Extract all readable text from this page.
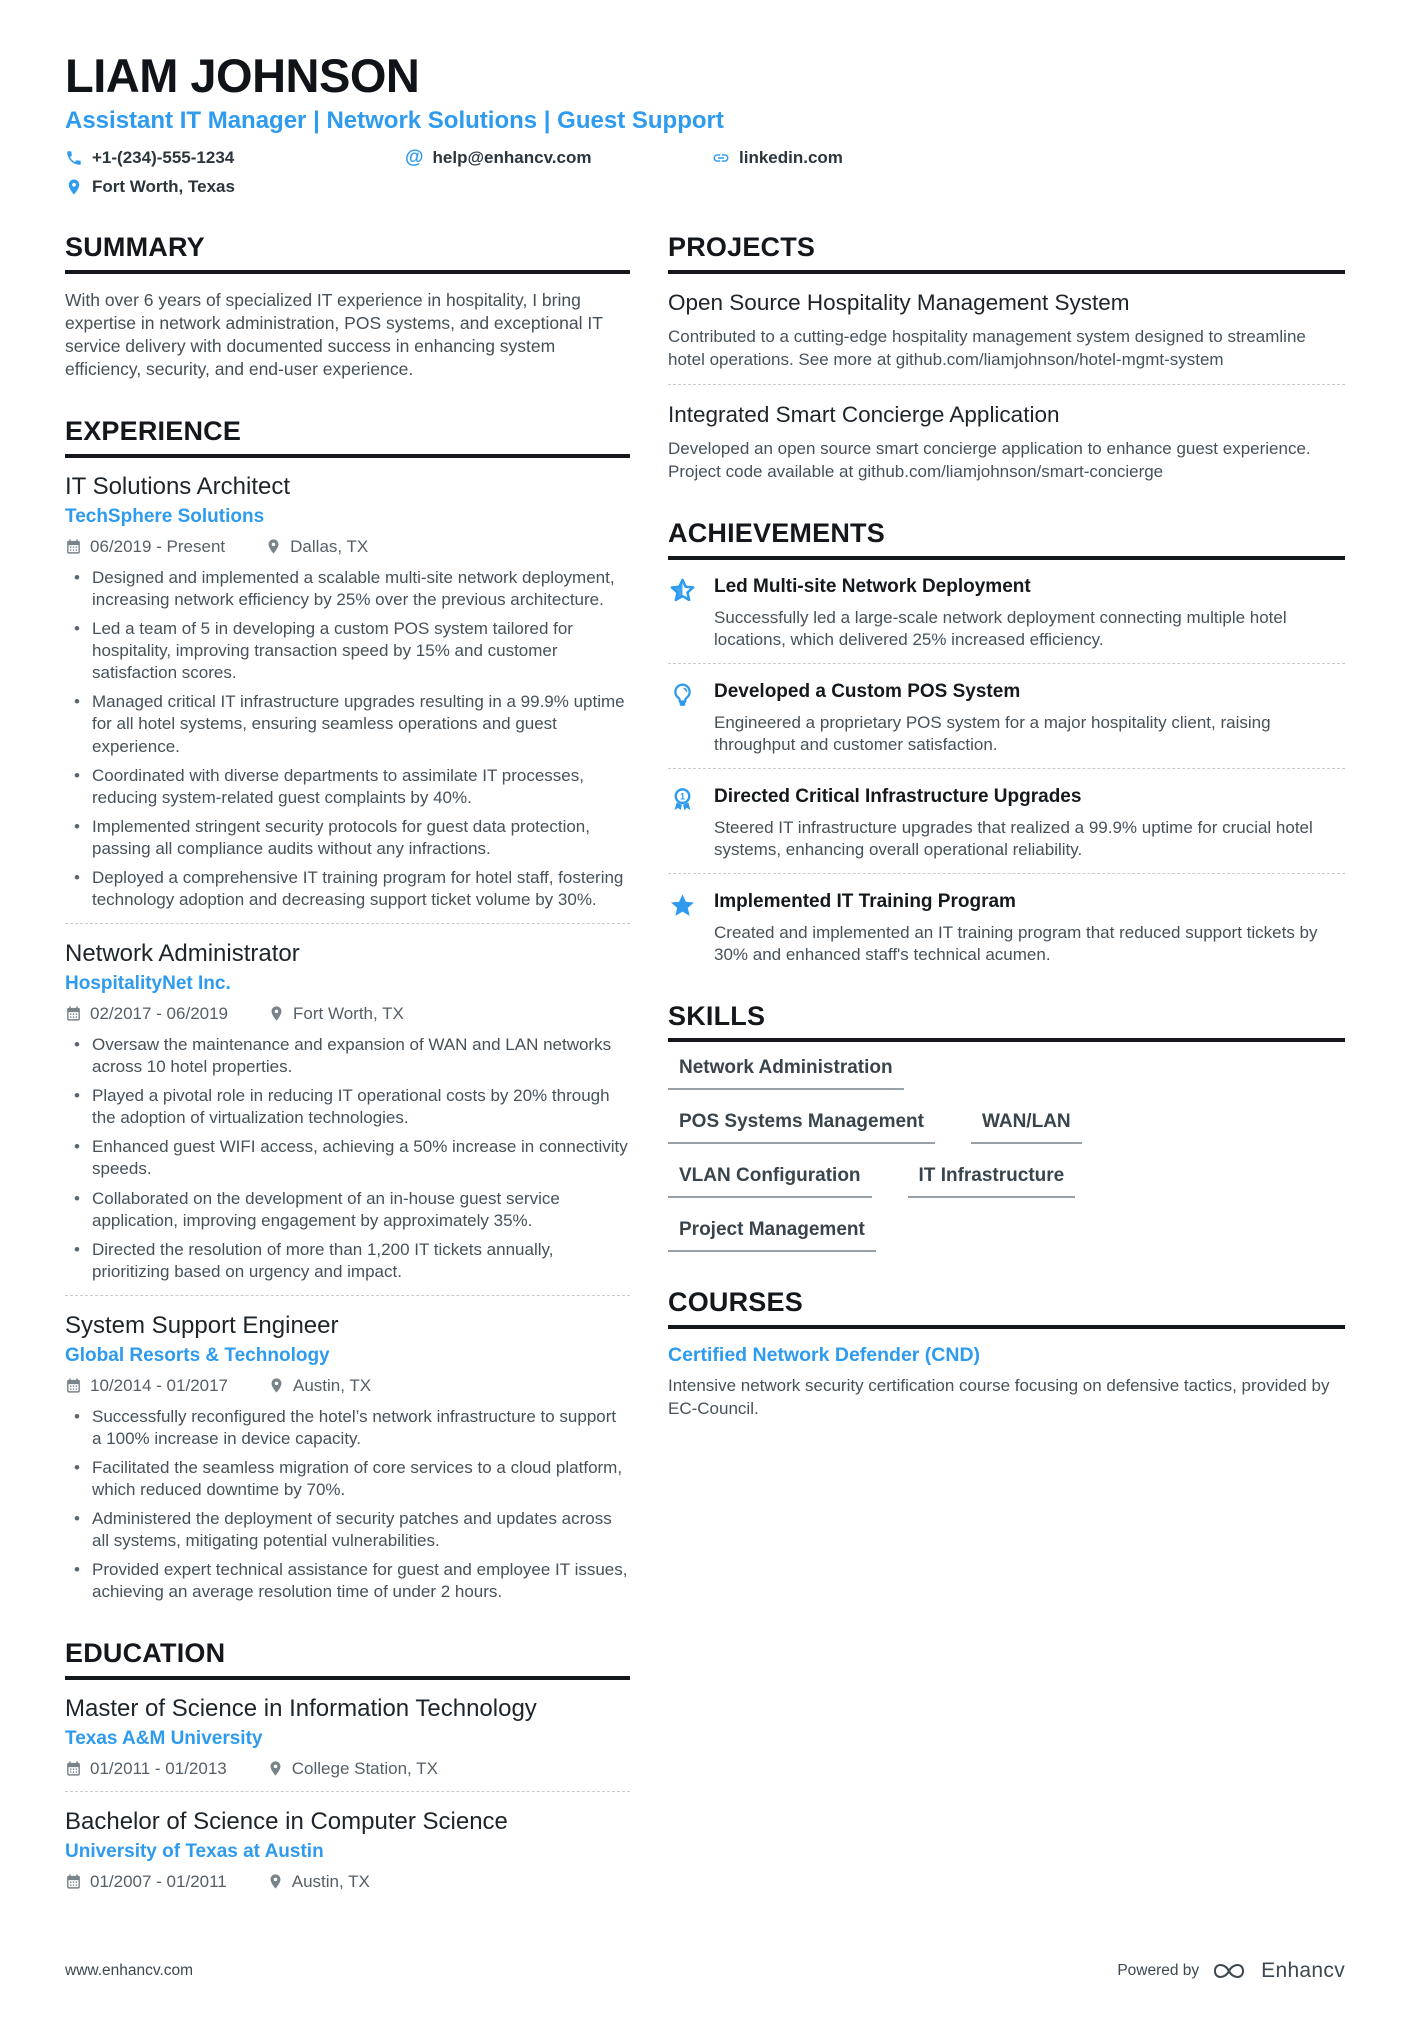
LIAM JOHNSON

Assistant IT Manager | Network Solutions | Guest Support

+1-(234)-555-1234	@ help@enhancv.com	linkedin.com
Fort Worth, Texas
SUMMARY

With over 6 years of specialized IT experience in hospitality, I bring expertise in network administration, POS systems, and exceptional IT service delivery with documented success in enhancing system efficiency, security, and end-user experience.

EXPERIENCE
IT Solutions Architect

TechSphere Solutions

06/2019 - Present	Dallas, TX
• Designed and implemented a scalable multi-site network deployment, increasing network efficiency by 25% over the previous architecture.
• Led a team of 5 in developing a custom POS system tailored for hospitality, improving transaction speed by 15% and customer satisfaction scores.
• Managed critical IT infrastructure upgrades resulting in a 99.9% uptime for all hotel systems, ensuring seamless operations and guest experience.
• Coordinated with diverse departments to assimilate IT processes, reducing system-related guest complaints by 40%.
• Implemented stringent security protocols for guest data protection, passing all compliance audits without any infractions.
• Deployed a comprehensive IT training program for hotel staff, fostering technology adoption and decreasing support ticket volume by 30%.
Network Administrator

HospitalityNet Inc.

02/2017 - 06/2019	Fort Worth, TX
• Oversaw the maintenance and expansion of WAN and LAN networks across 10 hotel properties.
• Played a pivotal role in reducing IT operational costs by 20% through the adoption of virtualization technologies.
• Enhanced guest WIFI access, achieving a 50% increase in connectivity speeds.
• Collaborated on the development of an in-house guest service application, improving engagement by approximately 35%.
• Directed the resolution of more than 1,200 IT tickets annually, prioritizing based on urgency and impact.
System Support Engineer

Global Resorts & Technology

10/2014 - 01/2017	Austin, TX
• Successfully reconfigured the hotel’s network infrastructure to support a 100% increase in device capacity.
• Facilitated the seamless migration of core services to a cloud platform, which reduced downtime by 70%.
• Administered the deployment of security patches and updates across all systems, mitigating potential vulnerabilities.
• Provided expert technical assistance for guest and employee IT issues, achieving an average resolution time of under 2 hours.
EDUCATION
Master of Science in Information Technology

Texas A&M University

01/2011 - 01/2013	College Station, TX
Bachelor of Science in Computer Science

University of Texas at Austin

01/2007 - 01/2011	Austin, TX
PROJECTS
Open Source Hospitality Management System

Contributed to a cutting-edge hospitality management system designed to streamline hotel operations. See more at github.com/liamjohnson/hotel-mgmt-system

Integrated Smart Concierge Application

Developed an open source smart concierge application to enhance guest experience. Project code available at github.com/liamjohnson/smart-concierge

ACHIEVEMENTS
Led Multi-site Network Deployment

Successfully led a large-scale network deployment connecting multiple hotel locations, which delivered 25% increased efficiency.

Developed a Custom POS System

Engineered a proprietary POS system for a major hospitality client, raising throughput and customer satisfaction.

1 Directed Critical Infrastructure Upgrades

Steered IT infrastructure upgrades that realized a 99.9% uptime for crucial hotel systems, enhancing overall operational reliability.

Implemented IT Training Program

Created and implemented an IT training program that reduced support tickets by 30% and enhanced staff's technical acumen.

SKILLS
Network Administration
POS Systems Management	WAN/LAN
VLAN Configuration	IT Infrastructure
Project Management
COURSES
Certified Network Defender (CND)

Intensive network security certification course focusing on defensive tactics, provided by EC-Council.

www.enhancv.com	Powered by	Enhancv
